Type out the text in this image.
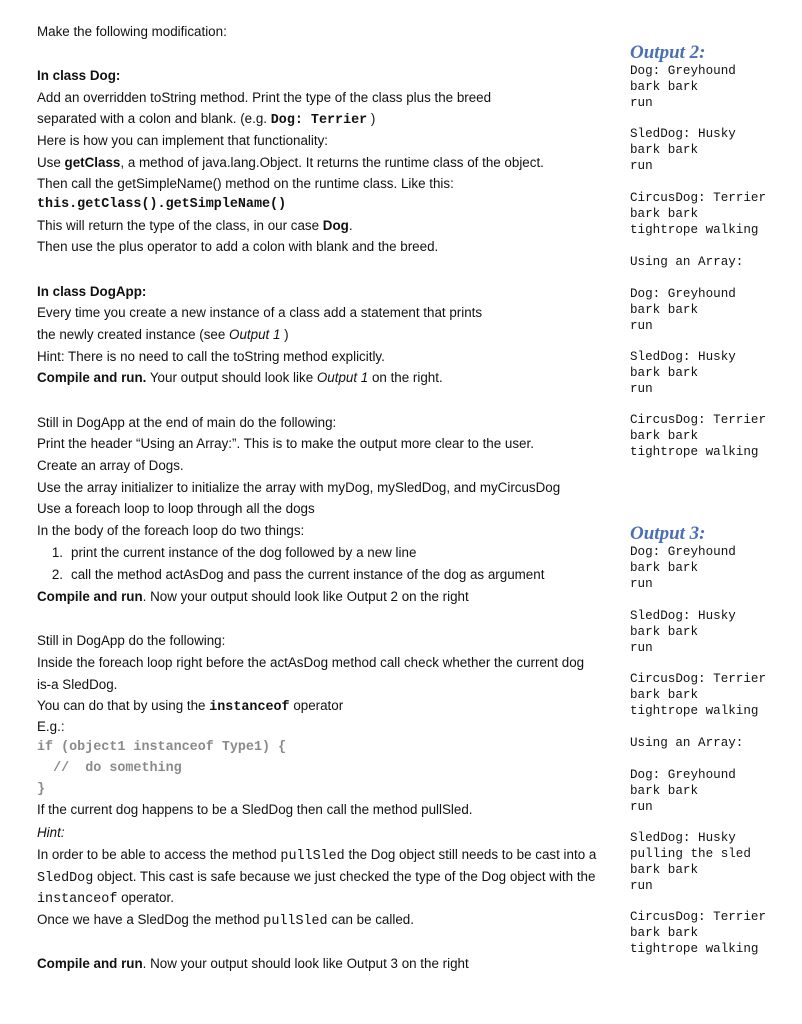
Make the following modification:
In class Dog:
Add an overridden toString method. Print the type of the class plus the breed
separated with a colon and blank. (e.g. Dog: Terrier )
Here is how you can implement that functionality:
Use getClass, a method of java.lang.Object. It returns the runtime class of the object.
Then call the getSimpleName() method on the runtime class. Like this:
this.getClass().getSimpleName()
This will return the type of the class, in our case Dog.
Then use the plus operator to add a colon with blank and the breed.
In class DogApp:
Every time you create a new instance of a class add a statement that prints
the newly created instance (see Output 1 )
Hint: There is no need to call the toString method explicitly.
Compile and run. Your output should look like Output 1 on the right.
Still in DogApp at the end of main do the following:
Print the header “Using an Array:”. This is to make the output more clear to the user.
Create an array of Dogs.
Use the array initializer to initialize the array with myDog, mySledDog, and myCircusDog
Use a foreach loop to loop through all the dogs
In the body of the foreach loop do two things:
1. print the current instance of the dog followed by a new line
2. call the method actAsDog and pass the current instance of the dog as argument
Compile and run. Now your output should look like Output 2 on the right
Still in DogApp do the following:
Inside the foreach loop right before the actAsDog method call check whether the current dog
is-a SledDog.
You can do that by using the instanceof operator
E.g.:
if (object1 instanceof Type1) {
//  do something
}
If the current dog happens to be a SledDog then call the method pullSled.
Hint:
In order to be able to access the method pullSled the Dog object still needs to be cast into a
SledDog object. This cast is safe because we just checked the type of the Dog object with the
instanceof operator.
Once we have a SledDog the method pullSled can be called.
Compile and run. Now your output should look like Output 3 on the right
Output 2:
Dog: Greyhound
bark bark
run
SledDog: Husky
bark bark
run
CircusDog: Terrier
bark bark
tightrope walking
Using an Array:
Dog: Greyhound
bark bark
run
SledDog: Husky
bark bark
run
CircusDog: Terrier
bark bark
tightrope walking
Output 3:
Dog: Greyhound
bark bark
run
SledDog: Husky
bark bark
run
CircusDog: Terrier
bark bark
tightrope walking
Using an Array:
Dog: Greyhound
bark bark
run
SledDog: Husky
pulling the sled
bark bark
run
CircusDog: Terrier
bark bark
tightrope walking
